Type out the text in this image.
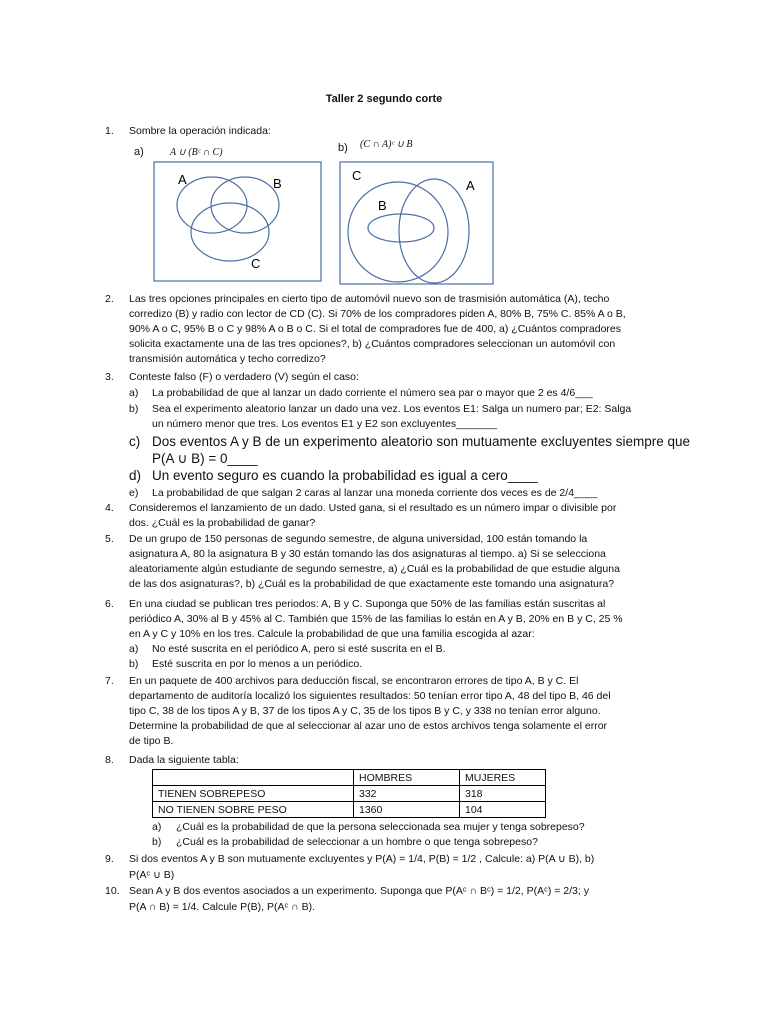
Taller 2 segundo corte
1. Sombre la operación indicada:
a)	A ∪ (Bᶜ ∩ C)	b) (C ∩ A)ᶜ ∪ B
A	B
C
C
A
B
2. Las tres opciones principales en cierto tipo de automóvil nuevo son de trasmisión automática (A), techo
corredizo (B) y radio con lector de CD (C). Si 70% de los compradores piden A, 80% B, 75% C. 85% A o B,
90% A o C, 95% B o C y 98% A o B o C. Si el total de compradores fue de 400, a) ¿Cuántos compradores
solicita exactamente una de las tres opciones?, b) ¿Cuántos compradores seleccionan un automóvil con
transmisión automática y techo corredizo?
3. Conteste falso (F) o verdadero (V) según el caso:
a) La probabilidad de que al lanzar un dado corriente el número sea par o mayor que 2 es 4/6___
b) Sea el experimento aleatorio lanzar un dado una vez. Los eventos E1: Salga un numero par; E2: Salga
un número menor que tres. Los eventos E1 y E2 son excluyentes_______
c) Dos eventos A y B de un experimento aleatorio son mutuamente excluyentes siempre que
P(A ∪ B) = 0____
d) Un evento seguro es cuando la probabilidad es igual a cero____
e) La probabilidad de que salgan 2 caras al lanzar una moneda corriente dos veces es de 2/4____
4. Consideremos el lanzamiento de un dado. Usted gana, si el resultado es un número impar o divisible por
dos. ¿Cuál es la probabilidad de ganar?
5. De un grupo de 150 personas de segundo semestre, de alguna universidad, 100 están tomando la
asignatura A, 80 la asignatura B y 30 están tomando las dos asignaturas al tiempo. a) Si se selecciona
aleatoriamente algún estudiante de segundo semestre, a) ¿Cuál es la probabilidad de que estudie alguna
de las dos asignaturas?, b) ¿Cuál es la probabilidad de que exactamente este tomando una asignatura?
6. En una ciudad se publican tres periodos: A, B y C. Suponga que 50% de las familias están suscritas al
periódico A, 30% al B y 45% al C. También que 15% de las familias lo están en A y B, 20% en B y C, 25 %
en A y C y 10% en los tres. Calcule la probabilidad de que una familia escogida al azar:
a) No esté suscrita en el periódico A, pero si esté suscrita en el B.
b) Esté suscrita en por lo menos a un periódico.
7. En un paquete de 400 archivos para deducción fiscal, se encontraron errores de tipo A, B y C. El
departamento de auditoría localizó los siguientes resultados: 50 tenían error tipo A, 48 del tipo B, 46 del
tipo C, 38 de los tipos A y B, 37 de los tipos A y C, 35 de los tipos B y C, y 338 no tenían error alguno.
Determine la probabilidad de que al seleccionar al azar uno de estos archivos tenga solamente el error
de tipo B.
8. Dada la siguiente tabla:
	HOMBRES	MUJERES
TIENEN SOBREPESO	332	318
NO TIENEN SOBRE PESO	1360	104
a) ¿Cuál es la probabilidad de que la persona seleccionada sea mujer y tenga sobrepeso?
b) ¿Cuál es la probabilidad de seleccionar a un hombre o que tenga sobrepeso?
9. Si dos eventos A y B son mutuamente excluyentes y P(A) = 1/4, P(B) = 1/2 , Calcule: a) P(A ∪ B), b)
P(Aᶜ ∪ B)
10. Sean A y B dos eventos asociados a un experimento. Suponga que P(Aᶜ ∩ Bᶜ) = 1/2, P(Aᶜ) = 2/3; y
P(A ∩ B) = 1/4. Calcule P(B), P(Aᶜ ∩ B).
